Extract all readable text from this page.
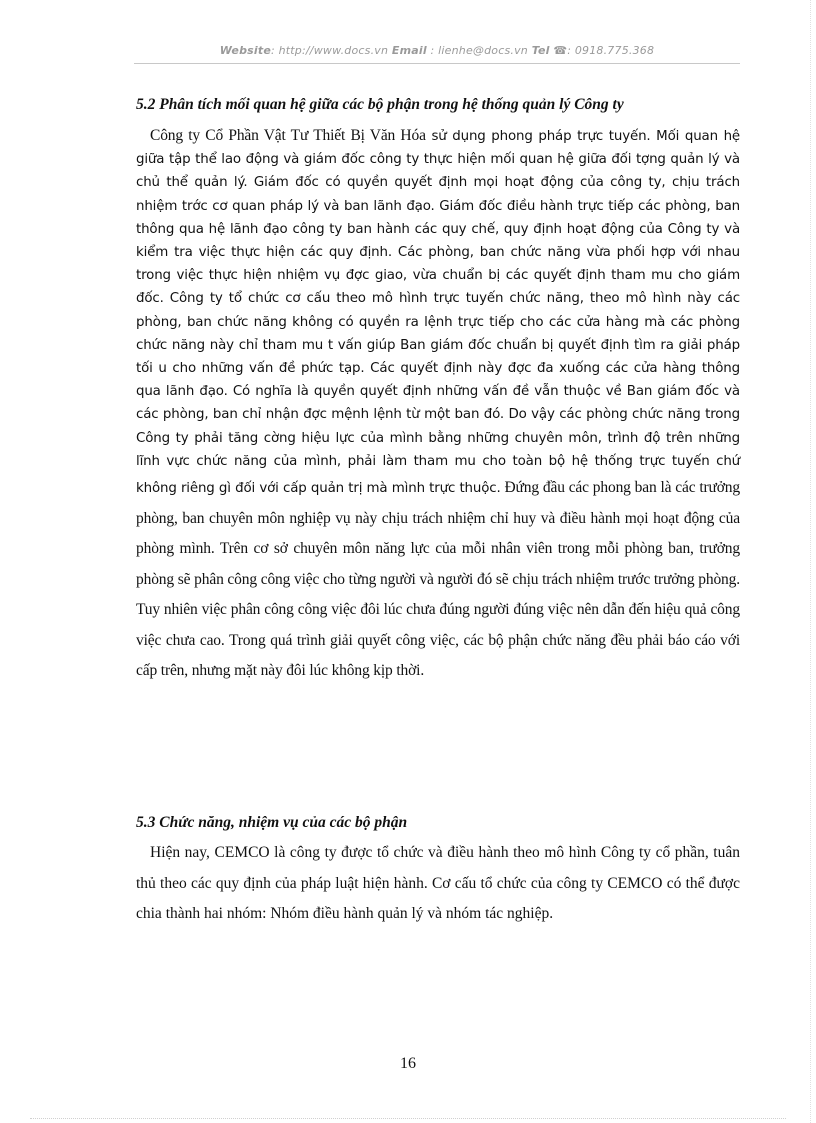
Website: http://www.docs.vn Email : lienhe@docs.vn Tel ☎: 0918.775.368
5.2 Phân tích mối quan hệ giữa các bộ phận trong hệ thống quản lý Công ty

Công ty Cổ Phần Vật Tư Thiết Bị Văn Hóa sử dụng phong pháp trực tuyến. Mối quan hệ giữa tập thể lao động và giám đốc công ty thực hiện mối quan hệ giữa đối tợng quản lý và chủ thể quản lý. Giám đốc có quyền quyết định mọi hoạt động của công ty, chịu trách nhiệm trớc cơ quan pháp lý và ban lãnh đạo. Giám đốc điều hành trực tiếp các phòng, ban thông qua hệ lãnh đạo công ty ban hành các quy chế, quy định hoạt động của Công ty và kiểm tra việc thực hiện các quy định. Các phòng, ban chức năng vừa phối hợp với nhau trong việc thực hiện nhiệm vụ đợc giao, vừa chuẩn bị các quyết định tham mu cho giám đốc. Công ty tổ chức cơ cấu theo mô hình trực tuyến chức năng, theo mô hình này các phòng, ban chức năng không có quyền ra lệnh trực tiếp cho các cửa hàng mà các phòng chức năng này chỉ tham mu t vấn giúp Ban giám đốc chuẩn bị quyết định tìm ra giải pháp tối u cho những vấn đề phức tạp. Các quyết định này đợc đa xuống các cửa hàng thông qua lãnh đạo. Có nghĩa là quyền quyết định những vấn đề vẫn thuộc về Ban giám đốc và các phòng, ban chỉ nhận đợc mệnh lệnh từ một ban đó. Do vậy các phòng chức năng trong Công ty phải tăng cờng hiệu lực của mình bằng những chuyên môn, trình độ trên những lĩnh vực chức năng của mình, phải làm tham mu cho toàn bộ hệ thống trực tuyến chứ không riêng gì đối với cấp quản trị mà mình trực thuộc. Đứng đầu các phong ban là các trưởng phòng, ban chuyên môn nghiệp vụ này chịu trách nhiệm chỉ huy và điều hành mọi hoạt động của phòng mình. Trên cơ sở chuyên môn năng lực của mỗi nhân viên trong mỗi phòng ban, trưởng phòng sẽ phân công công việc cho từng người và người đó sẽ chịu trách nhiệm trước trưởng phòng. Tuy nhiên việc phân công công việc đôi lúc chưa đúng người đúng việc nên dẫn đến hiệu quả công việc chưa cao. Trong quá trình giải quyết công việc, các bộ phận chức năng đều phải báo cáo với cấp trên, nhưng mặt này đôi lúc không kịp thời.

5.3 Chức năng, nhiệm vụ của các bộ phận

Hiện nay, CEMCO là công ty được tổ chức và điều hành theo mô hình Công ty cổ phần, tuân thủ theo các quy định của pháp luật hiện hành. Cơ cấu tổ chức của công ty CEMCO có thể được chia thành hai nhóm: Nhóm điều hành quản lý và nhóm tác nghiệp.

16
